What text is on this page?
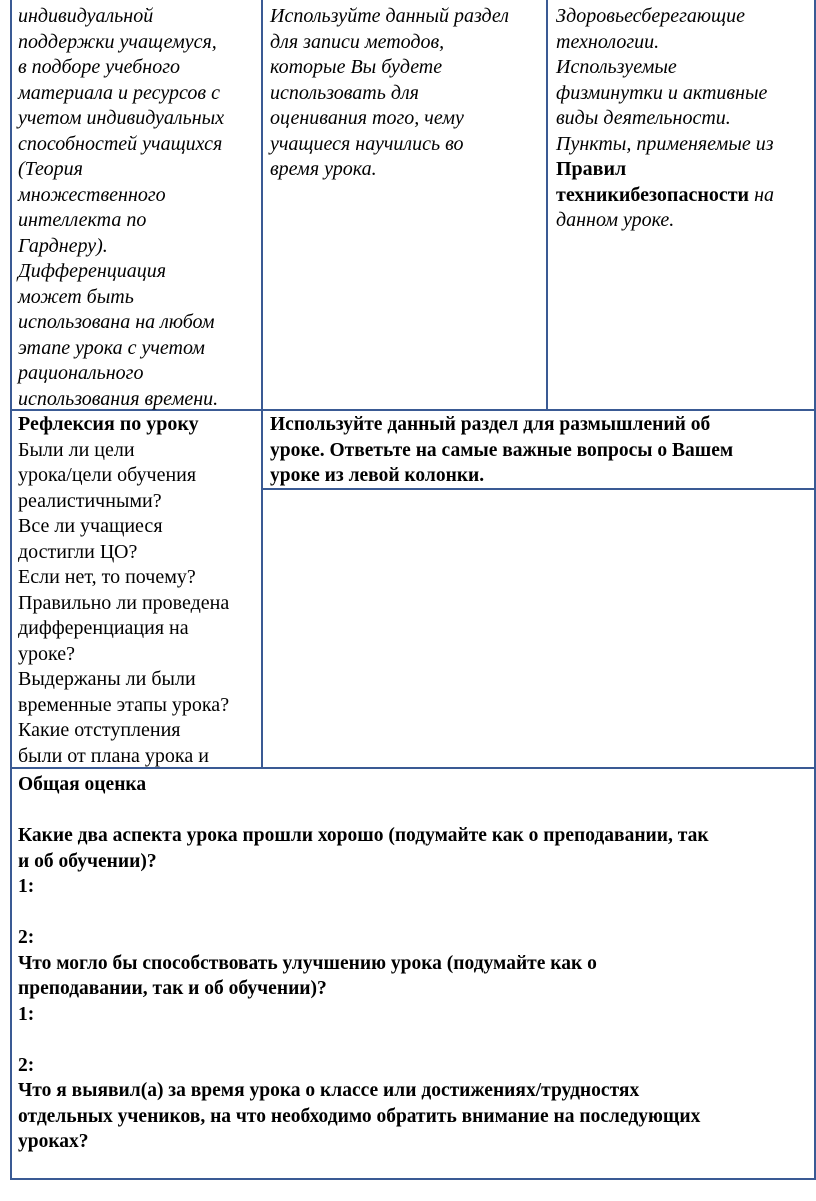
индивидуальной
поддержки учащемуся,
в подборе учебного
материала и ресурсов с
учетом индивидуальных
способностей учащихся
(Теория
множественного
интеллекта по
Гарднеру).
Дифференциация
может быть
использована на любом
этапе урока с учетом
рационального
использования времени.
Используйте данный раздел
для записи методов,
которые Вы будете
использовать для
оценивания того, чему
учащиеся научились во
время урока.
Здоровьесберегающие
технологии.
Используемые
физминутки и активные
виды деятельности.
Пункты, применяемые из
Правил
техникибезопасности на
данном уроке.
Рефлексия по уроку
Были ли цели
урока/цели обучения
реалистичными?
Все ли учащиеся
достигли ЦО?
Если нет, то почему?
Правильно ли проведена
дифференциация на
уроке?
Выдержаны ли были
временные этапы урока?
Какие отступления
были от плана урока и
Используйте данный раздел для размышлений об
уроке. Ответьте на самые важные вопросы о Вашем
уроке из левой колонки.
Общая оценка
Какие два аспекта урока прошли хорошо (подумайте как о преподавании, так
и об обучении)?
1:
2:
Что могло бы способствовать улучшению урока (подумайте как о
преподавании, так и об обучении)?
1:
2:
Что я выявил(а) за время урока о классе или достижениях/трудностях
отдельных учеников, на что необходимо обратить внимание на последующих
уроках?
